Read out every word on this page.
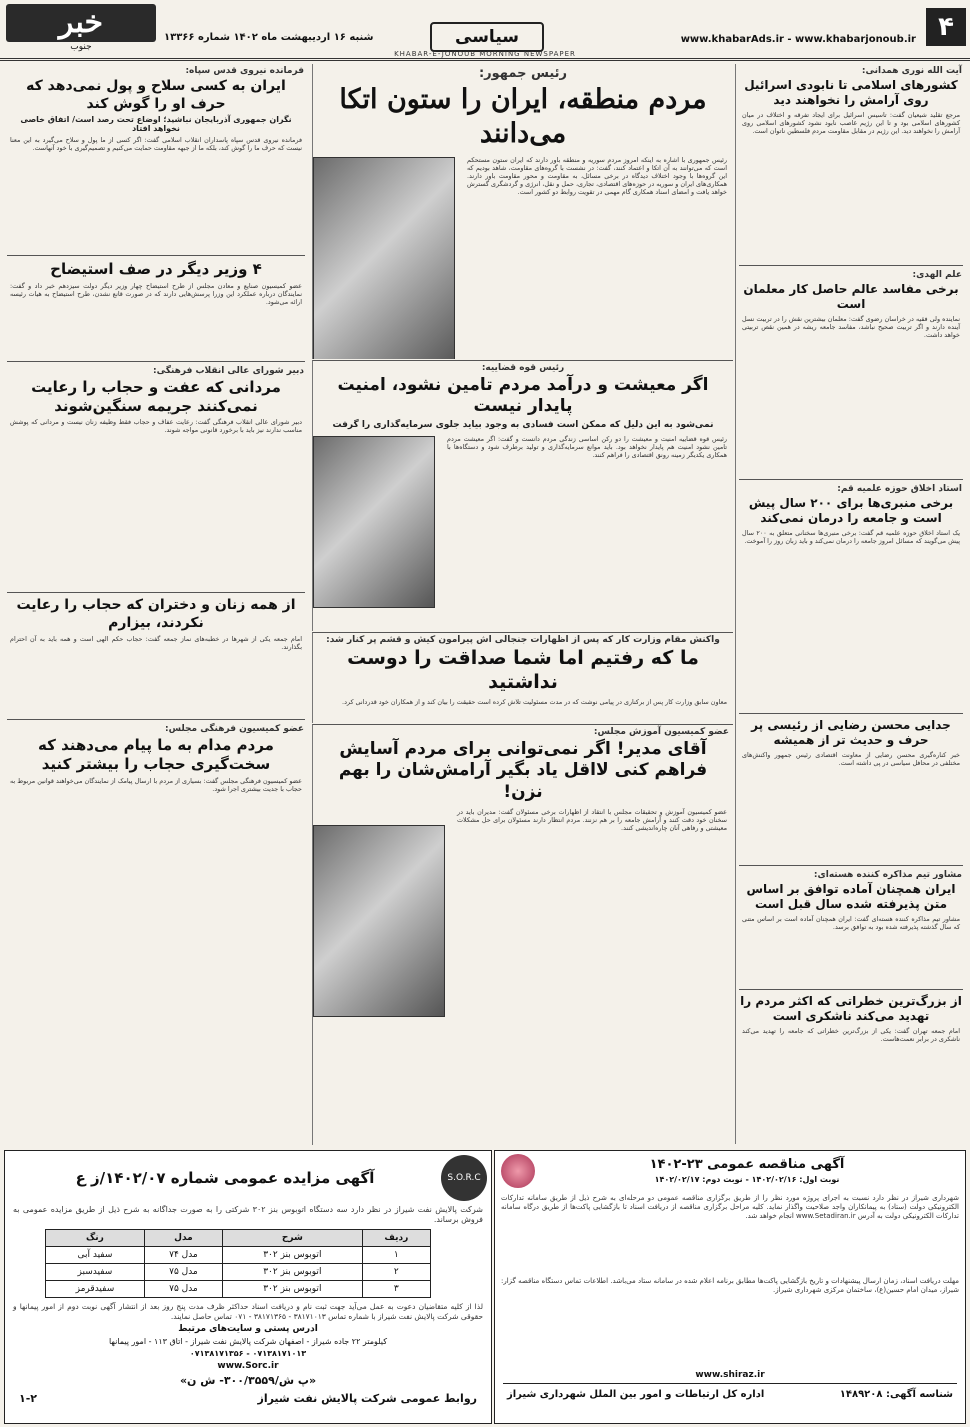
خبر
جنوب
شنبه ۱۶ اردیبهشت ماه ۱۴۰۲ شماره ۱۳۳۶۶	سیاسی	www.khabarAds.ir - www.khabarjonoub.ir ۴
KHABAR-E-JONOUB MORNING NEWSPAPER
آیت الله نوری همدانی:
کشورهای اسلامی تا نابودی اسرائیل روی آرامش را نخواهند دید
مرجع تقلید شیعیان گفت: تاسیس اسرائیل برای ایجاد تفرقه و اختلاف در میان کشورهای اسلامی بود و تا این رژیم غاصب نابود نشود کشورهای اسلامی روی آرامش را نخواهند دید. این رژیم در مقابل مقاومت مردم فلسطین ناتوان است.
علم الهدی:
برخی مفاسد عالم حاصل کار معلمان است
نماینده ولی فقیه در خراسان رضوی گفت: معلمان بیشترین نقش را در تربیت نسل آینده دارند و اگر تربیت صحیح نباشد، مفاسد جامعه ریشه در همین نقص تربیتی خواهد داشت.
استاد اخلاق حوزه علمیه قم:
برخی منبری‌ها برای ۲۰۰ سال پیش است و جامعه را درمان نمی‌کند
یک استاد اخلاق حوزه علمیه قم گفت: برخی منبری‌ها سخنانی متعلق به ۲۰۰ سال پیش می‌گویند که مسائل امروز جامعه را درمان نمی‌کند و باید زبان روز را آموخت.
جدایی محسن رضایی از رئیسی پر حرف و حدیث تر از همیشه
خبر کناره‌گیری محسن رضایی از معاونت اقتصادی رئیس جمهور واکنش‌های مختلفی در محافل سیاسی در پی داشته است.
مشاور تیم مذاکره کننده هسته‌ای:
ایران همچنان آماده توافق بر اساس متن پذیرفته شده سال قبل است
مشاور تیم مذاکره کننده هسته‌ای گفت: ایران همچنان آماده است بر اساس متنی که سال گذشته پذیرفته شده بود به توافق برسد.
از بزرگ‌ترین خطراتی که اکثر مردم را تهدید می‌کند ناشکری است
امام جمعه تهران گفت: یکی از بزرگ‌ترین خطراتی که جامعه را تهدید می‌کند ناشکری در برابر نعمت‌هاست.
رئیس جمهور:
مردم منطقه، ایران را ستون اتکا می‌دانند
رئیس جمهوری با اشاره به اینکه امروز مردم سوریه و منطقه باور دارند که ایران ستون مستحکم است که می‌توانند به آن اتکا و اعتماد کنند، گفت: در نشست با گروه‌های مقاومت، شاهد بودیم که این گروه‌ها با وجود اختلاف دیدگاه در برخی مسائل، به مقاومت و محور مقاومت باور دارند. همکاری‌های ایران و سوریه در حوزه‌های اقتصادی، تجاری، حمل و نقل، انرژی و گردشگری گسترش خواهد یافت و امضای اسناد همکاری گام مهمی در تقویت روابط دو کشور است.
رئیس قوه قضاییه:
اگر معیشت و درآمد مردم تامین نشود، امنیت پایدار نیست
نمی‌شود به این دلیل که ممکن است فسادی به وجود بیاید جلوی سرمایه‌گذاری را گرفت
رئیس قوه قضاییه امنیت و معیشت را دو رکن اساسی زندگی مردم دانست و گفت: اگر معیشت مردم تامین نشود امنیت هم پایدار نخواهد بود. باید موانع سرمایه‌گذاری و تولید برطرف شود و دستگاه‌ها با همکاری یکدیگر زمینه رونق اقتصادی را فراهم کنند.
واکنش مقام وزارت کار که پس از اظهارات جنجالی اش پیرامون کیش و قشم پر کنار شد:
ما که رفتیم اما شما صداقت را دوست نداشتید
معاون سابق وزارت کار پس از برکناری در پیامی نوشت که در مدت مسئولیت تلاش کرده است حقیقت را بیان کند و از همکاران خود قدردانی کرد.
عضو کمیسیون آموزش مجلس:
آقای مدیر! اگر نمی‌توانی برای مردم آسایش فراهم کنی لااقل یاد بگیر آرامش‌شان را بهم نزن!
عضو کمیسیون آموزش و تحقیقات مجلس با انتقاد از اظهارات برخی مسئولان گفت: مدیران باید در سخنان خود دقت کنند و آرامش جامعه را بر هم نزنند. مردم انتظار دارند مسئولان برای حل مشکلات معیشتی و رفاهی آنان چاره‌اندیشی کنند.
فرمانده نیروی قدس سپاه:
ایران به کسی سلاح و پول نمی‌دهد که حرف او را گوش کند
نگران جمهوری آذربایجان نباشید؛ اوضاع تحت رصد است/ اتفاق خاصی نخواهد افتاد
فرمانده نیروی قدس سپاه پاسداران انقلاب اسلامی گفت: اگر کسی از ما پول و سلاح می‌گیرد به این معنا نیست که حرف ما را گوش کند، بلکه ما از جبهه مقاومت حمایت می‌کنیم و تصمیم‌گیری با خود آنهاست.
۴ وزیر دیگر در صف استیضاح
عضو کمیسیون صنایع و معادن مجلس از طرح استیضاح چهار وزیر دیگر دولت سیزدهم خبر داد و گفت: نمایندگان درباره عملکرد این وزرا پرسش‌هایی دارند که در صورت قانع نشدن، طرح استیضاح به هیات رئیسه ارائه می‌شود.
دبیر شورای عالی انقلاب فرهنگی:
مردانی که عفت و حجاب را رعایت نمی‌کنند جریمه سنگین‌شوند
دبیر شورای عالی انقلاب فرهنگی گفت: رعایت عفاف و حجاب فقط وظیفه زنان نیست و مردانی که پوشش مناسب ندارند نیز باید با برخورد قانونی مواجه شوند.
از همه زنان و دختران که حجاب را رعایت نکردند، بیزارم
امام جمعه یکی از شهرها در خطبه‌های نماز جمعه گفت: حجاب حکم الهی است و همه باید به آن احترام بگذارند.
عضو کمیسیون فرهنگی مجلس:
مردم مدام به ما پیام می‌دهند که سخت‌گیری حجاب را بیشتر کنید
عضو کمیسیون فرهنگی مجلس گفت: بسیاری از مردم با ارسال پیامک از نمایندگان می‌خواهند قوانین مربوط به حجاب با جدیت بیشتری اجرا شود.
S.O.R.C
آگهی مزایده عمومی شماره ۱۴۰۲/۰۷/ز ع
شرکت پالایش نفت شیراز در نظر دارد سه دستگاه اتوبوس بنز ۳۰۲ شرکتی را به صورت جداگانه به شرح ذیل از طریق مزایده عمومی به فروش برساند.
ردیف	شرح	مدل	رنگ
۱	اتوبوس بنز ۳۰۲	مدل ۷۴	سفید آبی
۲	اتوبوس بنز ۳۰۲	مدل ۷۵	سفیدسبز
۳	اتوبوس بنز ۳۰۲	مدل ۷۵	سفیدقرمز
لذا از کلیه متقاضیان دعوت به عمل می‌آید جهت ثبت نام و دریافت اسناد حداکثر ظرف مدت پنج روز بعد از انتشار آگهی نوبت دوم از امور پیمانها و حقوقی شرکت پالایش نفت شیراز با شماره تماس ۳۸۱۷۱۰۱۳ - ۳۸۱۷۱۳۶۵ - ۰۷۱ تماس حاصل نمایند.
ادرس پستی و سایت‌های مرتبط
کیلومتر ۲۲ جاده شیراز - اصفهان شرکت پالایش نفت شیراز - اتاق ۱۱۳ - امور پیمانها
۰۷۱۳۸۱۷۱۳۵۶ - ۰۷۱۳۸۱۷۱۰۱۳
www.Sorc.ir
«پ ش/۳۰۰/۳۵۵۹- ش ن»
روابط عمومی شرکت پالایش نفت شیراز
۱-۲
آگهی مناقصه عمومی ۲۳-۱۴۰۲
نوبت اول: ۱۴۰۲/۰۲/۱۶ - نوبت دوم: ۱۴۰۲/۰۲/۱۷
شهرداری شیراز در نظر دارد نسبت به اجرای پروژه مورد نظر را از طریق برگزاری مناقصه عمومی دو مرحله‌ای به شرح ذیل از طریق سامانه تدارکات الکترونیکی دولت (ستاد) به پیمانکاران واجد صلاحیت واگذار نماید. کلیه مراحل برگزاری مناقصه از دریافت اسناد تا بازگشایی پاکت‌ها از طریق درگاه سامانه تدارکات الکترونیکی دولت به آدرس www.Setadiran.ir انجام خواهد شد.
مهلت دریافت اسناد، زمان ارسال پیشنهادات و تاریخ بازگشایی پاکت‌ها مطابق برنامه اعلام شده در سامانه ستاد می‌باشد. اطلاعات تماس دستگاه مناقصه گزار: شیراز، میدان امام حسین(ع)، ساختمان مرکزی شهرداری شیراز.
www.shiraz.ir
شناسه آگهی: ۱۴۸۹۲۰۸
اداره کل ارتباطات و امور بین الملل شهرداری شیراز
